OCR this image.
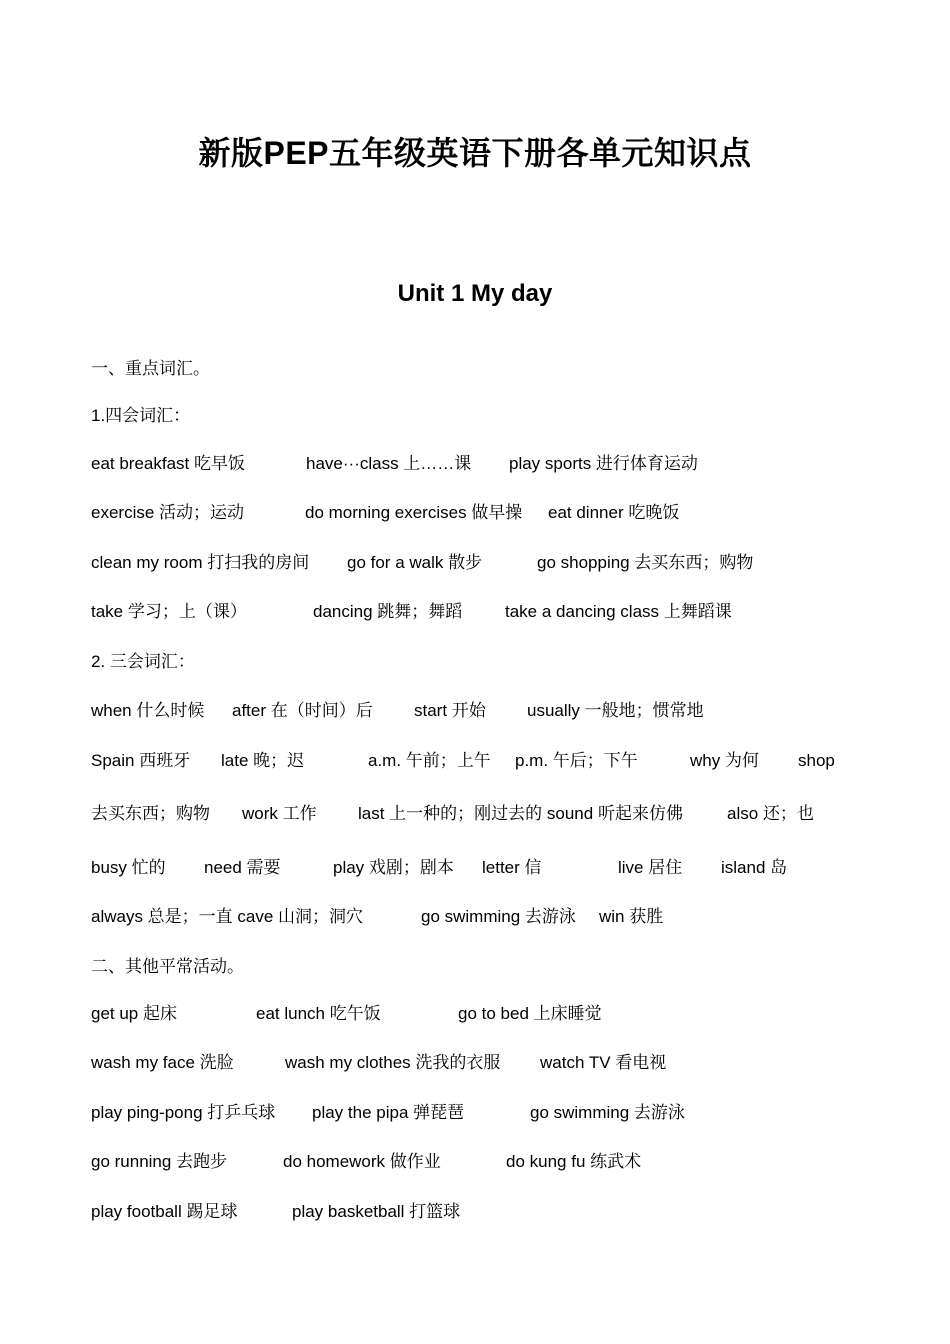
新版PEP五年级英语下册各单元知识点
Unit 1 My day
一、重点词汇。
1.四会词汇：
eat breakfast 吃早饭	have···class 上……课 play sports 进行体育运动
exercise 活动；运动	do morning exercises 做早操 eat dinner 吃晚饭
clean my room 打扫我的房间 go for a walk 散步	go shopping 去买东西；购物
take 学习；上（课）	dancing 跳舞；舞蹈	take a dancing class 上舞蹈课
2. 三会词汇：
when 什么时候 after 在（时间）后 start 开始 usually 一般地；惯常地
Spain 西班牙 late 晚；迟	a.m. 午前；上午 p.m. 午后；下午	why 为何 shop
去买东西；购物 work 工作 last 上一种的；刚过去的 sound 听起来仿佛	also 还；也
busy 忙的 need 需要	play 戏剧；剧本 letter 信	live 居住 island 岛
always 总是；一直 cave 山洞；洞穴	go swimming 去游泳 win 获胜
二、其他平常活动。
get up 起床	eat lunch 吃午饭	go to bed 上床睡觉
wash my face 洗脸	wash my clothes 洗我的衣服 watch TV 看电视
play ping-pong 打乒乓球 play the pipa 弹琵琶	go swimming 去游泳
go running 去跑步	do homework 做作业	do kung fu 练武术
play football 踢足球	play basketball 打篮球
